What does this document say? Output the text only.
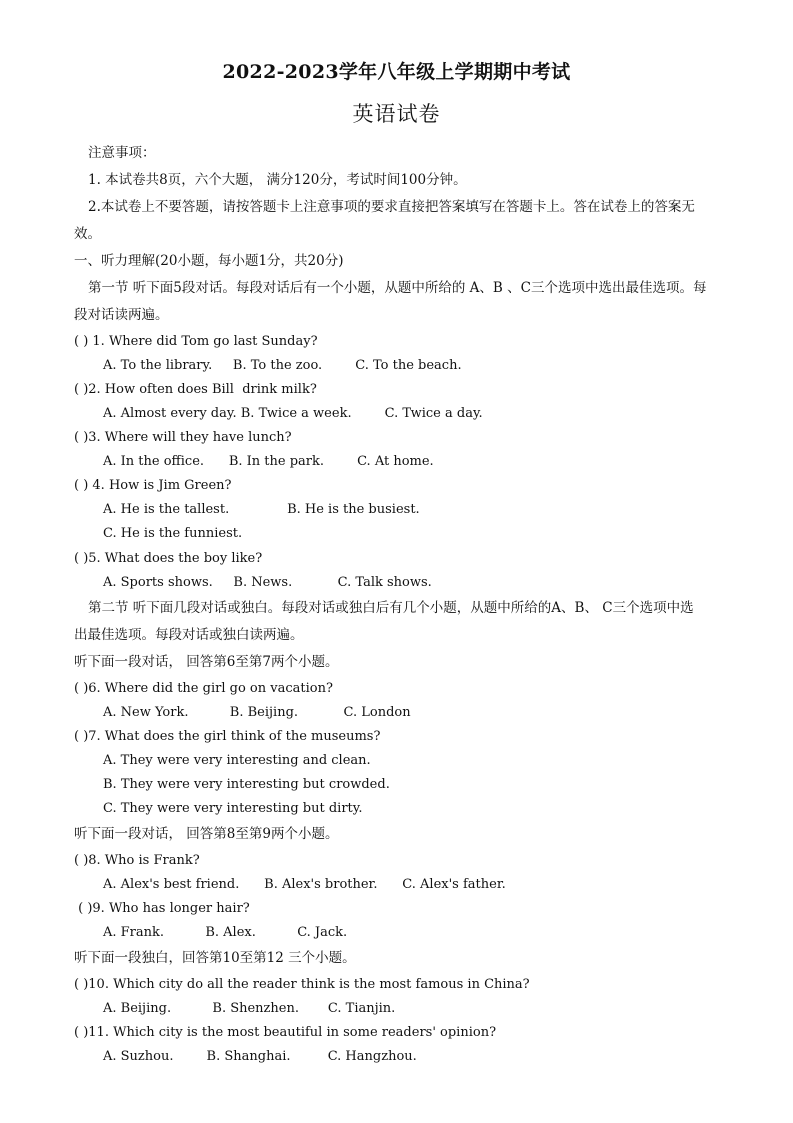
2022-2023学年八年级上学期期中考试
英语试卷
注意事项：
1. 本试卷共8页，六个大题， 满分120分，考试时间100分钟。
2.本试卷上不要答题，请按答题卡上注意事项的要求直接把答案填写在答题卡上。答在试卷上的答案无
效。
一、听力理解(20小题，每小题1分，共20分)
第一节 听下面5段对话。每段对话后有一个小题，从题中所给的 A、B 、C三个选项中选出最佳选项。每
段对话读两遍。
( ) 1. Where did Tom go last Sunday?
A. To the library.     B. To the zoo.        C. To the beach.
( )2. How often does Bill  drink milk?
A. Almost every day. B. Twice a week.        C. Twice a day.
( )3. Where will they have lunch?
A. In the office.      B. In the park.        C. At home.
( ) 4. How is Jim Green?
A. He is the tallest.              B. He is the busiest.
C. He is the funniest.
( )5. What does the boy like?
A. Sports shows.     B. News.           C. Talk shows.
第二节 听下面几段对话或独白。每段对话或独白后有几个小题，从题中所给的A、B、 C三个选项中选
出最佳选项。每段对话或独白读两遍。
听下面一段对话， 回答第6至第7两个小题。
( )6. Where did the girl go on vacation?
A. New York.          B. Beijing.           C. London
( )7. What does the girl think of the museums?
A. They were very interesting and clean.
B. They were very interesting but crowded.
C. They were very interesting but dirty.
听下面一段对话， 回答第8至第9两个小题。
( )8. Who is Frank?
A. Alex's best friend.      B. Alex's brother.      C. Alex's father.
( )9. Who has longer hair?
A. Frank.          B. Alex.          C. Jack.
听下面一段独白，回答第10至第12 三个小题。
( )10. Which city do all the reader think is the most famous in China?
A. Beijing.          B. Shenzhen.       C. Tianjin.
( )11. Which city is the most beautiful in some readers' opinion?
A. Suzhou.        B. Shanghai.         C. Hangzhou.
